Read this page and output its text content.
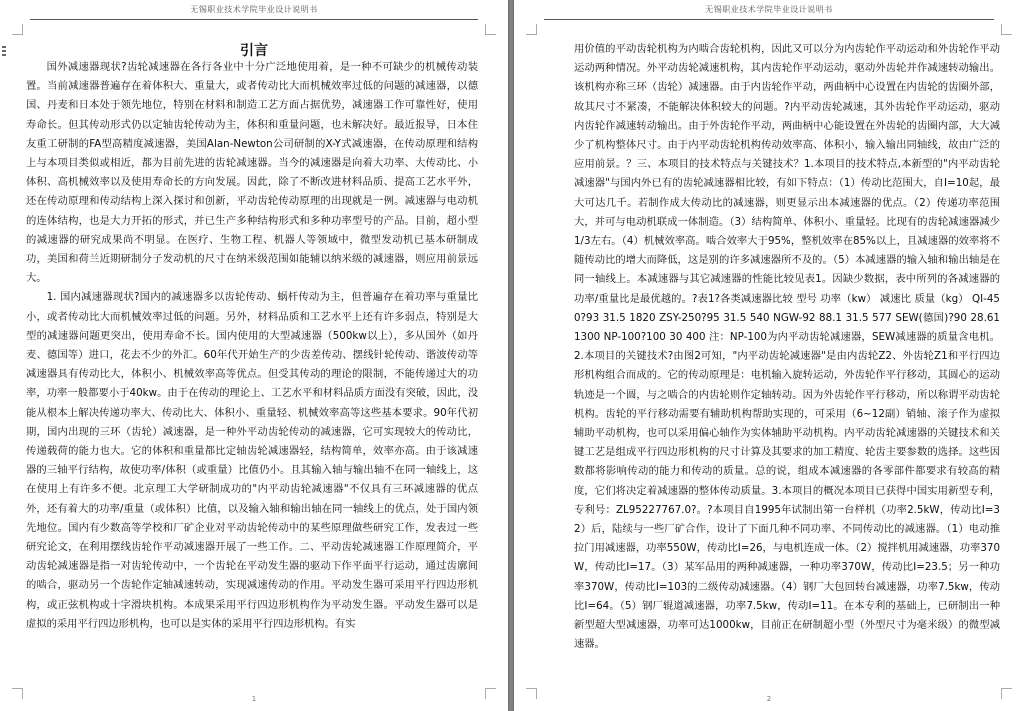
无锡职业技术学院毕业设计说明书
引言

国外减速器现状?齿轮减速器在各行各业中十分广泛地使用着，是一种不可缺少的机械传动装置。当前减速器普遍存在着体积大、重量大，或者传动比大而机械效率过低的问题的减速器，以德国、丹麦和日本处于领先地位，特别在材料和制造工艺方面占据优势，减速器工作可靠性好，使用寿命长。但其传动形式仍以定轴齿轮传动为主，体积和重量问题，也未解决好。最近报导，日本住友重工研制的FA型高精度减速器，美国Alan-Newton公司研制的X-Y式减速器，在传动原理和结构上与本项目类似或相近，都为目前先进的齿轮减速器。当今的减速器是向着大功率、大传动比、小体积、高机械效率以及使用寿命长的方向发展。因此，除了不断改进材料品质、提高工艺水平外，还在传动原理和传动结构上深入探讨和创新，平动齿轮传动原理的出现就是一例。减速器与电动机的连体结构，也是大力开拓的形式，并已生产多种结构形式和多种功率型号的产品。目前，超小型的减速器的研究成果尚不明显。在医疗、生物工程、机器人等领域中，微型发动机已基本研制成功，美国和荷兰近期研制分子发动机的尺寸在纳米级范围如能辅以纳米级的减速器，则应用前景远大。

1. 国内减速器现状?国内的减速器多以齿轮传动、蜗杆传动为主，但普遍存在着功率与重量比小，或者传动比大而机械效率过低的问题。另外，材料品质和工艺水平上还有许多弱点，特别是大型的减速器问题更突出，使用寿命不长。国内使用的大型减速器（500kw以上），多从国外（如丹麦、德国等）进口，花去不少的外汇。60年代开始生产的少齿差传动、摆线针轮传动、谐波传动等减速器具有传动比大，体积小、机械效率高等优点。但受其传动的理论的限制，不能传递过大的功率，功率一般都要小于40kw。由于在传动的理论上、工艺水平和材料品质方面没有突破，因此，没能从根本上解决传递功率大、传动比大、体积小、重量轻、机械效率高等这些基本要求。90年代初期，国内出现的三环（齿轮）减速器，是一种外平动齿轮传动的减速器，它可实现较大的传动比，传递载荷的能力也大。它的体积和重量都比定轴齿轮减速器轻，结构简单，效率亦高。由于该减速器的三轴平行结构，故使功率/体积（或重量）比值仍小。且其输入轴与输出轴不在同一轴线上，这在使用上有许多不便。北京理工大学研制成功的"内平动齿轮减速器"不仅具有三环减速器的优点外，还有着大的功率/重量（或体积）比值，以及输入轴和输出轴在同一轴线上的优点，处于国内领先地位。国内有少数高等学校和厂矿企业对平动齿轮传动中的某些原理做些研究工作，发表过一些研究论文，在利用摆线齿轮作平动减速器开展了一些工作。二、平动齿轮减速器工作原理简介，平动齿轮减速器是指一对齿轮传动中，一个齿轮在平动发生器的驱动下作平面平行运动，通过齿廓间的啮合，驱动另一个齿轮作定轴减速转动，实现减速传动的作用。平动发生器可采用平行四边形机构，或正弦机构或十字滑块机构。本成果采用平行四边形机构作为平动发生器。平动发生器可以是虚拟的采用平行四边形机构，也可以是实体的采用平行四边形机构。有实

1
无锡职业技术学院毕业设计说明书

用价值的平动齿轮机构为内啮合齿轮机构，因此又可以分为内齿轮作平动运动和外齿轮作平动运动两种情况。外平动齿轮减速机构，其内齿轮作平动运动，驱动外齿轮并作减速转动输出。该机构亦称三环（齿轮）减速器。由于内齿轮作平动，两曲柄中心设置在内齿轮的齿圈外部，故其尺寸不紧凑，不能解决体积较大的问题。?内平动齿轮减速，其外齿轮作平动运动，驱动内齿轮作减速转动输出。由于外齿轮作平动，两曲柄中心能设置在外齿轮的齿圈内部，大大减少了机构整体尺寸。由于内平动齿轮机构传动效率高、体积小，输入输出同轴线，故由广泛的应用前景。？三、本项目的技术特点与关键技术？1.本项目的技术特点,本新型的"内平动齿轮减速器"与国内外已有的齿轮减速器相比较，有如下特点：（1）传动比范围大，自I=10起，最大可达几千。若制作成大传动比的减速器，则更显示出本减速器的优点。（2）传递功率范围大，并可与电动机联成一体制造。（3）结构简单、体积小、重量轻。比现有的齿轮减速器减少1/3左右。（4）机械效率高。啮合效率大于95%，整机效率在85%以上，且减速器的效率将不随传动比的增大而降低，这是别的许多减速器所不及的。（5）本减速器的输入轴和输出轴是在同一轴线上。本减速器与其它减速器的性能比较见表1。因缺少数据，表中所列的各减速器的功率/重量比是最优越的。?表1?各类减速器比较 型号 功率（kw） 减速比 质量（kg） QI-450?93 31.5 1820 ZSY-250?95 31.5 540 NGW-92 88.1 31.5 577 SEW(德国)?90 28.61 1300 NP-100?100 30 400 注：NP-100为内平动齿轮减速器，SEW减速器的质量含电机。2.本项目的关键技术?由图2可知，"内平动齿轮减速器"是由内齿轮Z2、外齿轮Z1和平行四边形机构组合而成的。它的传动原理是：电机输入旋转运动，外齿轮作平行移动，其圆心的运动轨迹是一个圆，与之啮合的内齿轮则作定轴转动。因为外齿轮作平行移动，所以称谓平动齿轮机构。齿轮的平行移动需要有辅助机构帮助实现的，可采用（6~12副）销轴、滚子作为虚拟辅助平动机构，也可以采用偏心轴作为实体辅助平动机构。内平动齿轮减速器的关键技术和关键工艺是组成平行四边形机构的尺寸计算及其要求的加工精度、轮齿主要参数的选择。这些因数都将影响传动的能力和传动的质量。总的说，组成本减速器的各零部件都要求有较高的精度，它们将决定着减速器的整体传动质量。3.本项目的概况本项目已获得中国实用新型专利，专利号：ZL95227767.0?。?本项目自1995年试制出第一台样机（功率2.5kW，传动比I=32）后，陆续与一些厂矿合作，设计了下面几种不同功率、不同传动比的减速器。（1）电动推拉门用减速器，功率550W，传动比I=26，与电机连成一体。（2）搅拌机用减速器，功率370W，传动比I=17。（3）某军品用的两种减速器，一种功率370W，传动比I=23.5；另一种功率370W，传动比I=103的二级传动减速器。（4）钢厂大包回转台减速器，功率7.5kw，传动比I=64。（5）钢厂辊道减速器，功率7.5kw，传动I=11。在本专利的基础上，已研制出一种新型超大型减速器，功率可达1000kw，目前正在研制超小型（外型尺寸为毫米级）的微型减速器。

2
